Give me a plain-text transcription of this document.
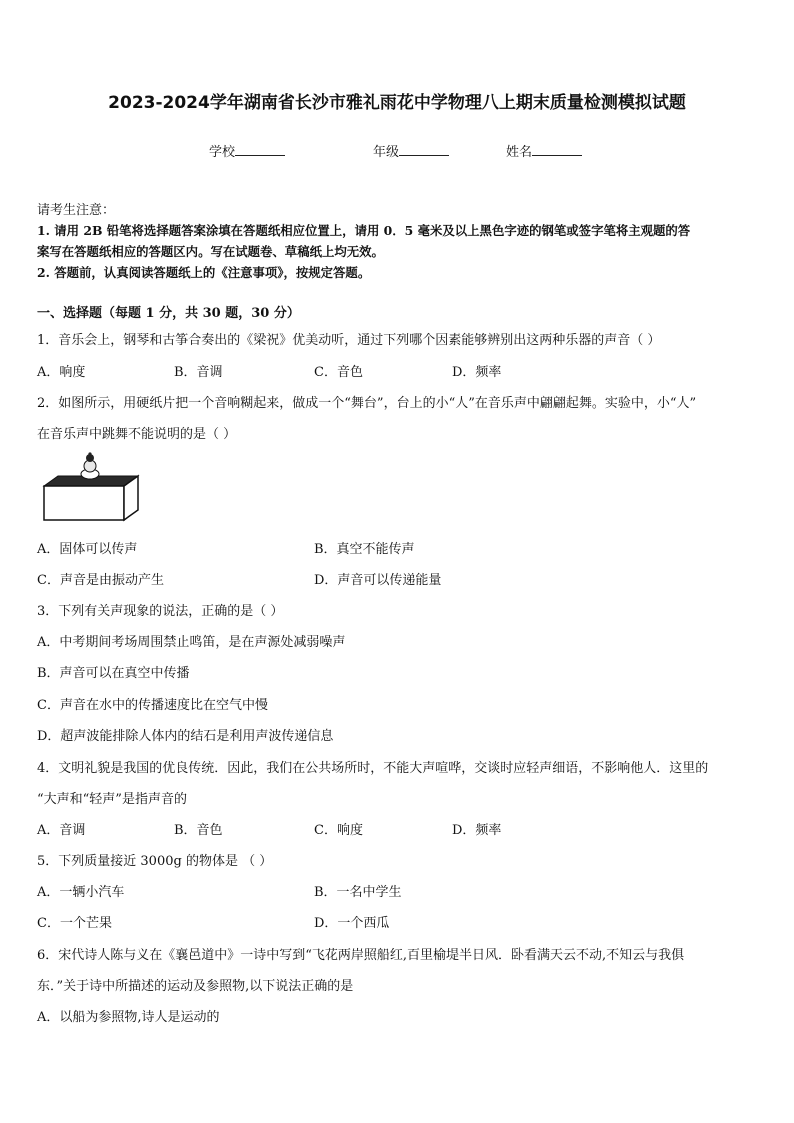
2023-2024学年湖南省长沙市雅礼雨花中学物理八上期末质量检测模拟试题
学校	年级	姓名
请考生注意：
1. 请用 2B 铅笔将选择题答案涂填在答题纸相应位置上，请用 0．5 毫米及以上黑色字迹的钢笔或签字笔将主观题的答
案写在答题纸相应的答题区内。写在试题卷、草稿纸上均无效。
2. 答题前，认真阅读答题纸上的《注意事项》，按规定答题。
一、选择题（每题 1 分，共 30 题，30 分）
1．音乐会上，钢琴和古筝合奏出的《梁祝》优美动听，通过下列哪个因素能够辨别出这两种乐器的声音（ ）
A．响度	B．音调	C．音色	D．频率
2．如图所示，用硬纸片把一个音响糊起来，做成一个“舞台”，台上的小“人”在音乐声中翩翩起舞。实验中，小“人”
在音乐声中跳舞不能说明的是（ ）
A．固体可以传声	B．真空不能传声
C．声音是由振动产生	D．声音可以传递能量
3．下列有关声现象的说法，正确的是（ ）
A．中考期间考场周围禁止鸣笛，是在声源处减弱噪声
B．声音可以在真空中传播
C．声音在水中的传播速度比在空气中慢
D．超声波能排除人体内的结石是利用声波传递信息
4．文明礼貌是我国的优良传统．因此，我们在公共场所时，不能大声喧哗，交谈时应轻声细语，不影响他人．这里的
“大声和“轻声”是指声音的
A．音调	B．音色	C．响度	D．频率
5．下列质量接近 3000g 的物体是 （ ）
A．一辆小汽车	B．一名中学生
C．一个芒果	D．一个西瓜
6．宋代诗人陈与义在《襄邑道中》一诗中写到“飞花两岸照船红,百里榆堤半日风．卧看满天云不动,不知云与我俱
东．”关于诗中所描述的运动及参照物,以下说法正确的是
A．以船为参照物,诗人是运动的
